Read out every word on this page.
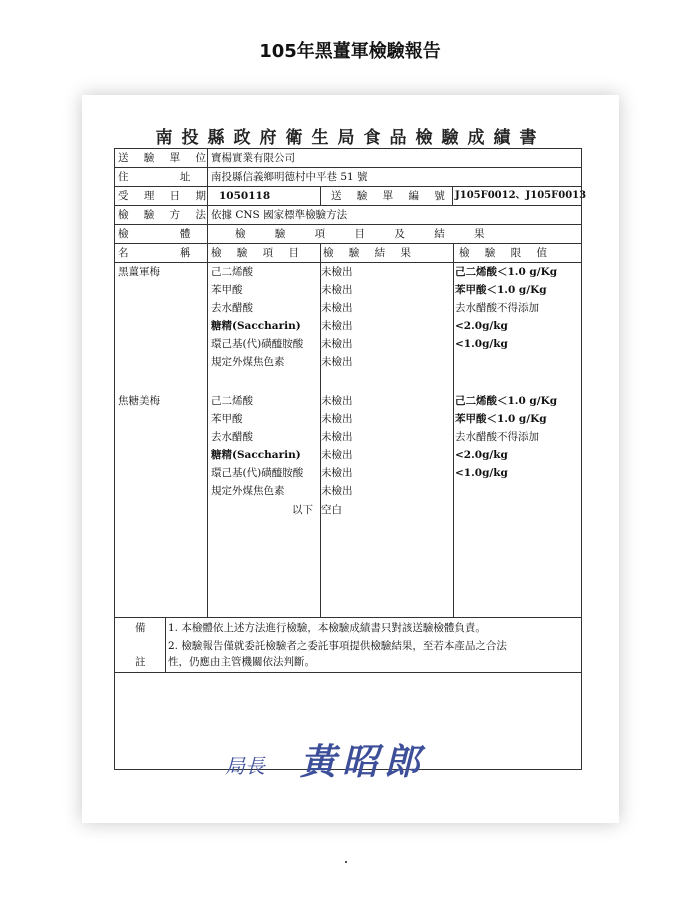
105年黑薑軍檢驗報告
南投縣政府衛生局食品檢驗成績書
送 驗 單 位
寶楊實業有限公司
住 址 南投縣信義鄉明德村中平巷 51 號
受 理 日 期 1050118	送 驗 單 編 號 J105F0012、J105F0013
檢 驗 方 法
依據 CNS 國家標準檢驗方法
檢 體	檢 驗 項 目 及 結 果
名 稱 檢 驗 項 目 檢 驗 結 果	檢 驗 限 值
黑薑軍梅	己二烯酸	未檢出	己二烯酸＜1.0 g/Kg
苯甲酸	未檢出	苯甲酸＜1.0 g/Kg
去水醋酸	未檢出	去水醋酸不得添加
糖精(Saccharin) 未檢出	<2.0g/kg
環己基(代)磺醯胺酸 未檢出	<1.0g/kg
規定外煤焦色素	未檢出
焦糖美梅	己二烯酸	未檢出	己二烯酸＜1.0 g/Kg
苯甲酸	未檢出	苯甲酸＜1.0 g/Kg
去水醋酸	未檢出	去水醋酸不得添加
糖精(Saccharin) 未檢出	<2.0g/kg
環己基(代)磺醯胺酸 未檢出	<1.0g/kg
規定外煤焦色素	未檢出
以下 空白
備
註
1. 本檢體依上述方法進行檢驗，本檢驗成績書只對該送驗檢體負責。
2. 檢驗報告僅就委託檢驗者之委託事項提供檢驗結果，至若本產品之合法
性，仍應由主管機關依法判斷。
局長 黃昭郎
